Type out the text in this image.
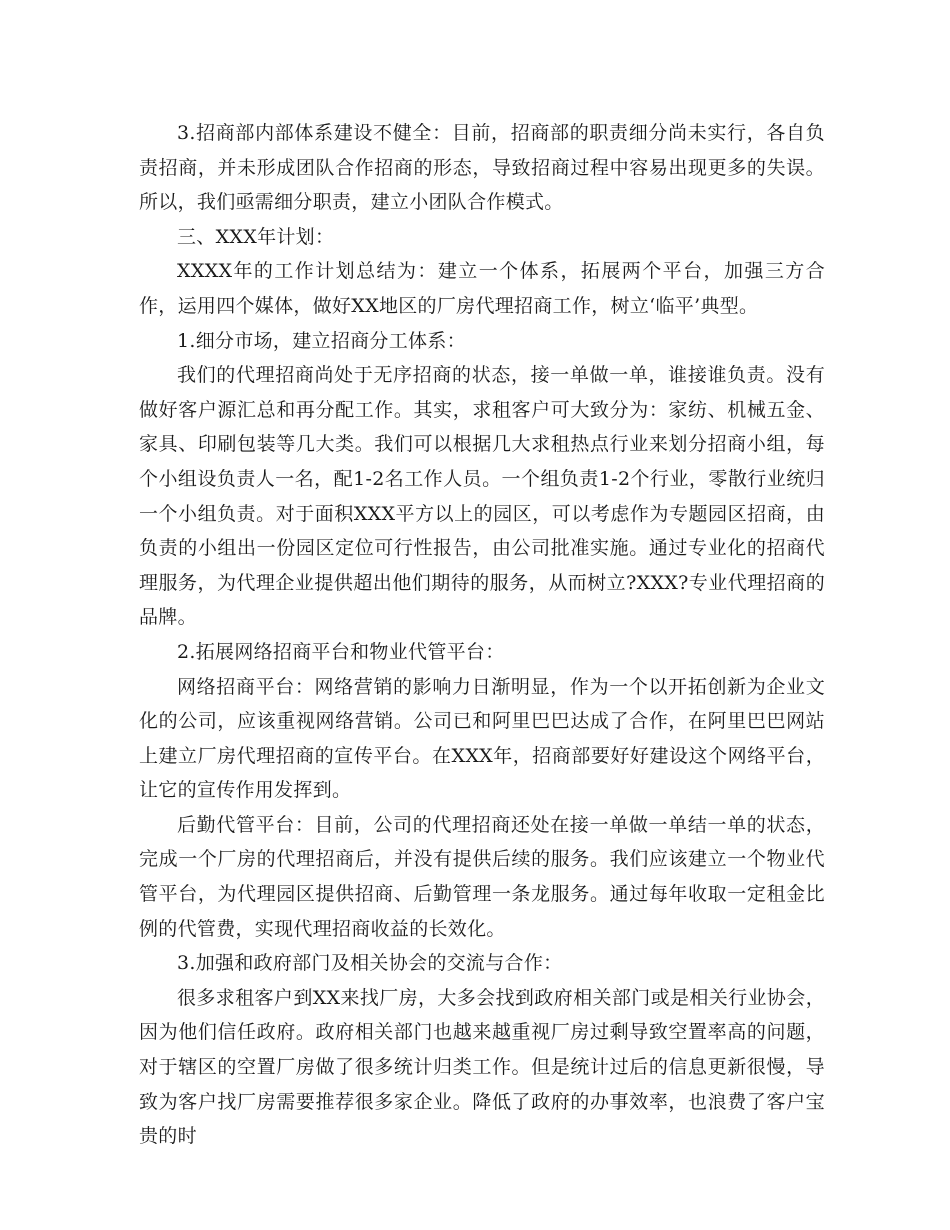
3.招商部内部体系建设不健全：目前，招商部的职责细分尚未实行，各自负责招商，并未形成团队合作招商的形态，导致招商过程中容易出现更多的失误。所以，我们亟需细分职责，建立小团队合作模式。

三、XXX年计划：

XXXX年的工作计划总结为：建立一个体系，拓展两个平台，加强三方合作，运用四个媒体，做好XX地区的厂房代理招商工作，树立‘临平’典型。

1.细分市场，建立招商分工体系：

我们的代理招商尚处于无序招商的状态，接一单做一单，谁接谁负责。没有做好客户源汇总和再分配工作。其实，求租客户可大致分为：家纺、机械五金、家具、印刷包装等几大类。我们可以根据几大求租热点行业来划分招商小组，每个小组设负责人一名，配1-2名工作人员。一个组负责1-2个行业，零散行业统归一个小组负责。对于面积XXX平方以上的园区，可以考虑作为专题园区招商，由负责的小组出一份园区定位可行性报告，由公司批准实施。通过专业化的招商代理服务，为代理企业提供超出他们期待的服务，从而树立?XXX?专业代理招商的品牌。

2.拓展网络招商平台和物业代管平台：

网络招商平台：网络营销的影响力日渐明显，作为一个以开拓创新为企业文化的公司，应该重视网络营销。公司已和阿里巴巴达成了合作，在阿里巴巴网站上建立厂房代理招商的宣传平台。在XXX年，招商部要好好建设这个网络平台，让它的宣传作用发挥到。

后勤代管平台：目前，公司的代理招商还处在接一单做一单结一单的状态，完成一个厂房的代理招商后，并没有提供后续的服务。我们应该建立一个物业代管平台，为代理园区提供招商、后勤管理一条龙服务。通过每年收取一定租金比例的代管费，实现代理招商收益的长效化。

3.加强和政府部门及相关协会的交流与合作：

很多求租客户到XX来找厂房，大多会找到政府相关部门或是相关行业协会，因为他们信任政府。政府相关部门也越来越重视厂房过剩导致空置率高的问题，对于辖区的空置厂房做了很多统计归类工作。但是统计过后的信息更新很慢，导致为客户找厂房需要推荐很多家企业。降低了政府的办事效率，也浪费了客户宝贵的时
